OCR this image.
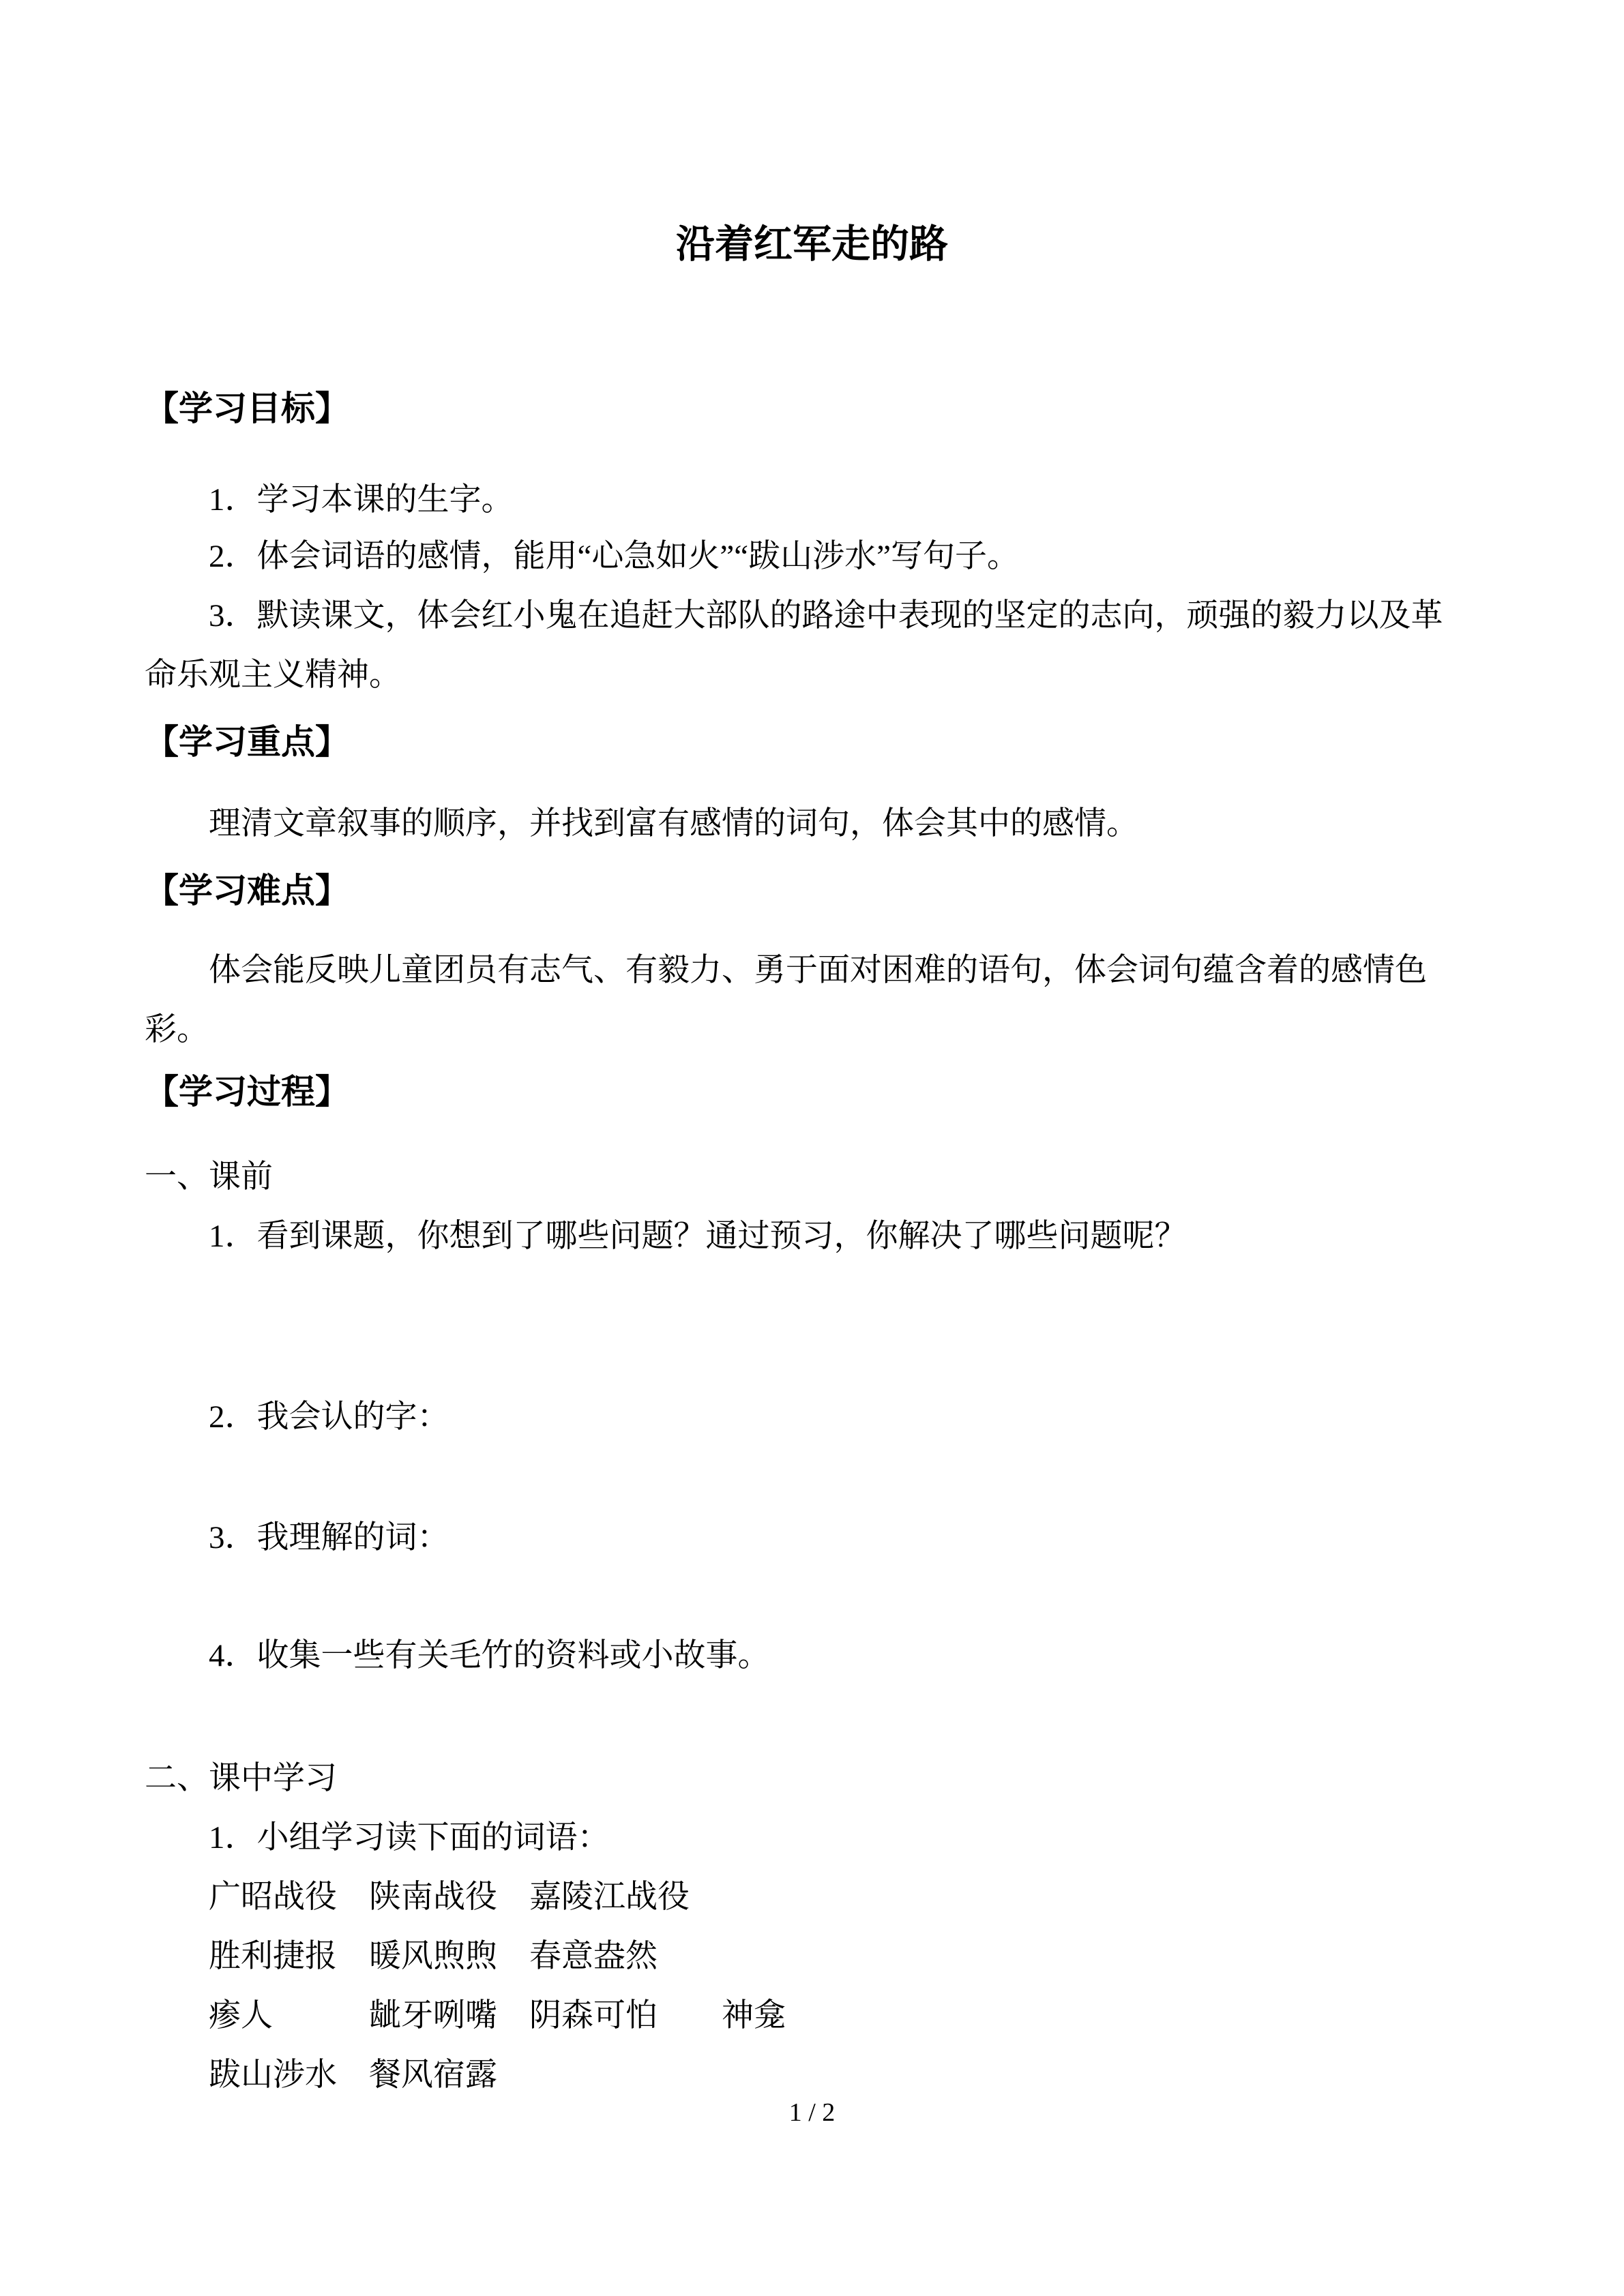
沿着红军走的路
【学习目标】
1．学习本课的生字。
2．体会词语的感情，能用“心急如火”“跋山涉水”写句子。
3．默读课文，体会红小鬼在追赶大部队的路途中表现的坚定的志向，顽强的毅力以及革
命乐观主义精神。
【学习重点】
理清文章叙事的顺序，并找到富有感情的词句，体会其中的感情。
【学习难点】
体会能反映儿童团员有志气、有毅力、勇于面对困难的语句，体会词句蕴含着的感情色
彩。
【学习过程】
一、课前
1．看到课题，你想到了哪些问题？通过预习，你解决了哪些问题呢？
2．我会认的字：
3．我理解的词：
4．收集一些有关毛竹的资料或小故事。
二、课中学习
1．小组学习读下面的词语：
广昭战役　陕南战役　嘉陵江战役
胜利捷报　暖风煦煦　春意盎然
瘆人　　　龇牙咧嘴　阴森可怕　　神龛
跋山涉水　餐风宿露
1 / 2
